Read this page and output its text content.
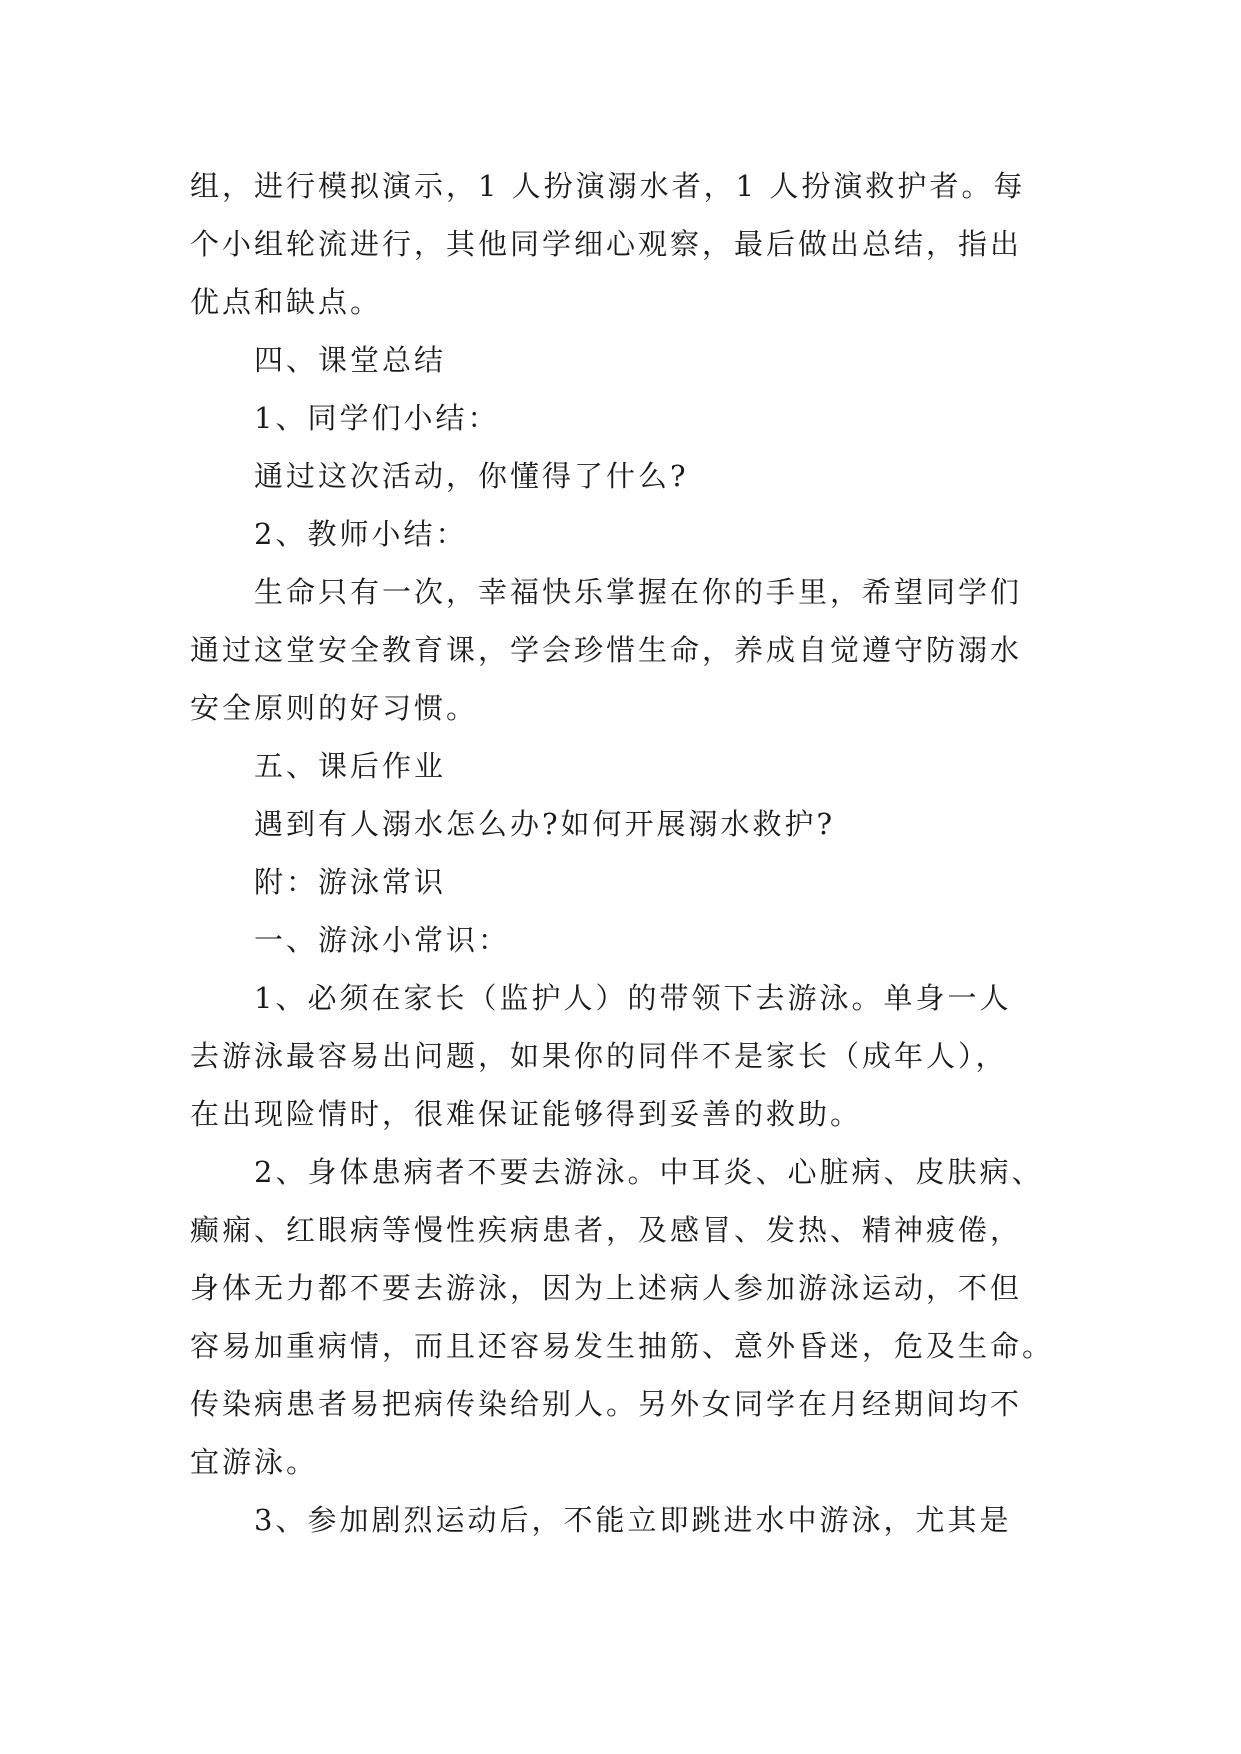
组，进行模拟演示，1 人扮演溺水者，1 人扮演救护者。每
个小组轮流进行，其他同学细心观察，最后做出总结，指出
优点和缺点。
四、课堂总结
1、同学们小结：
通过这次活动，你懂得了什么?
2、教师小结：
生命只有一次，幸福快乐掌握在你的手里，希望同学们
通过这堂安全教育课，学会珍惜生命，养成自觉遵守防溺水
安全原则的好习惯。
五、课后作业
遇到有人溺水怎么办?如何开展溺水救护?
附：游泳常识
一、游泳小常识：
1、必须在家长（监护人）的带领下去游泳。单身一人
去游泳最容易出问题，如果你的同伴不是家长（成年人），
在出现险情时，很难保证能够得到妥善的救助。
2、身体患病者不要去游泳。中耳炎、心脏病、皮肤病、
癫痫、红眼病等慢性疾病患者，及感冒、发热、精神疲倦，
身体无力都不要去游泳，因为上述病人参加游泳运动，不但
容易加重病情，而且还容易发生抽筋、意外昏迷，危及生命。
传染病患者易把病传染给别人。另外女同学在月经期间均不
宜游泳。
3、参加剧烈运动后，不能立即跳进水中游泳，尤其是
